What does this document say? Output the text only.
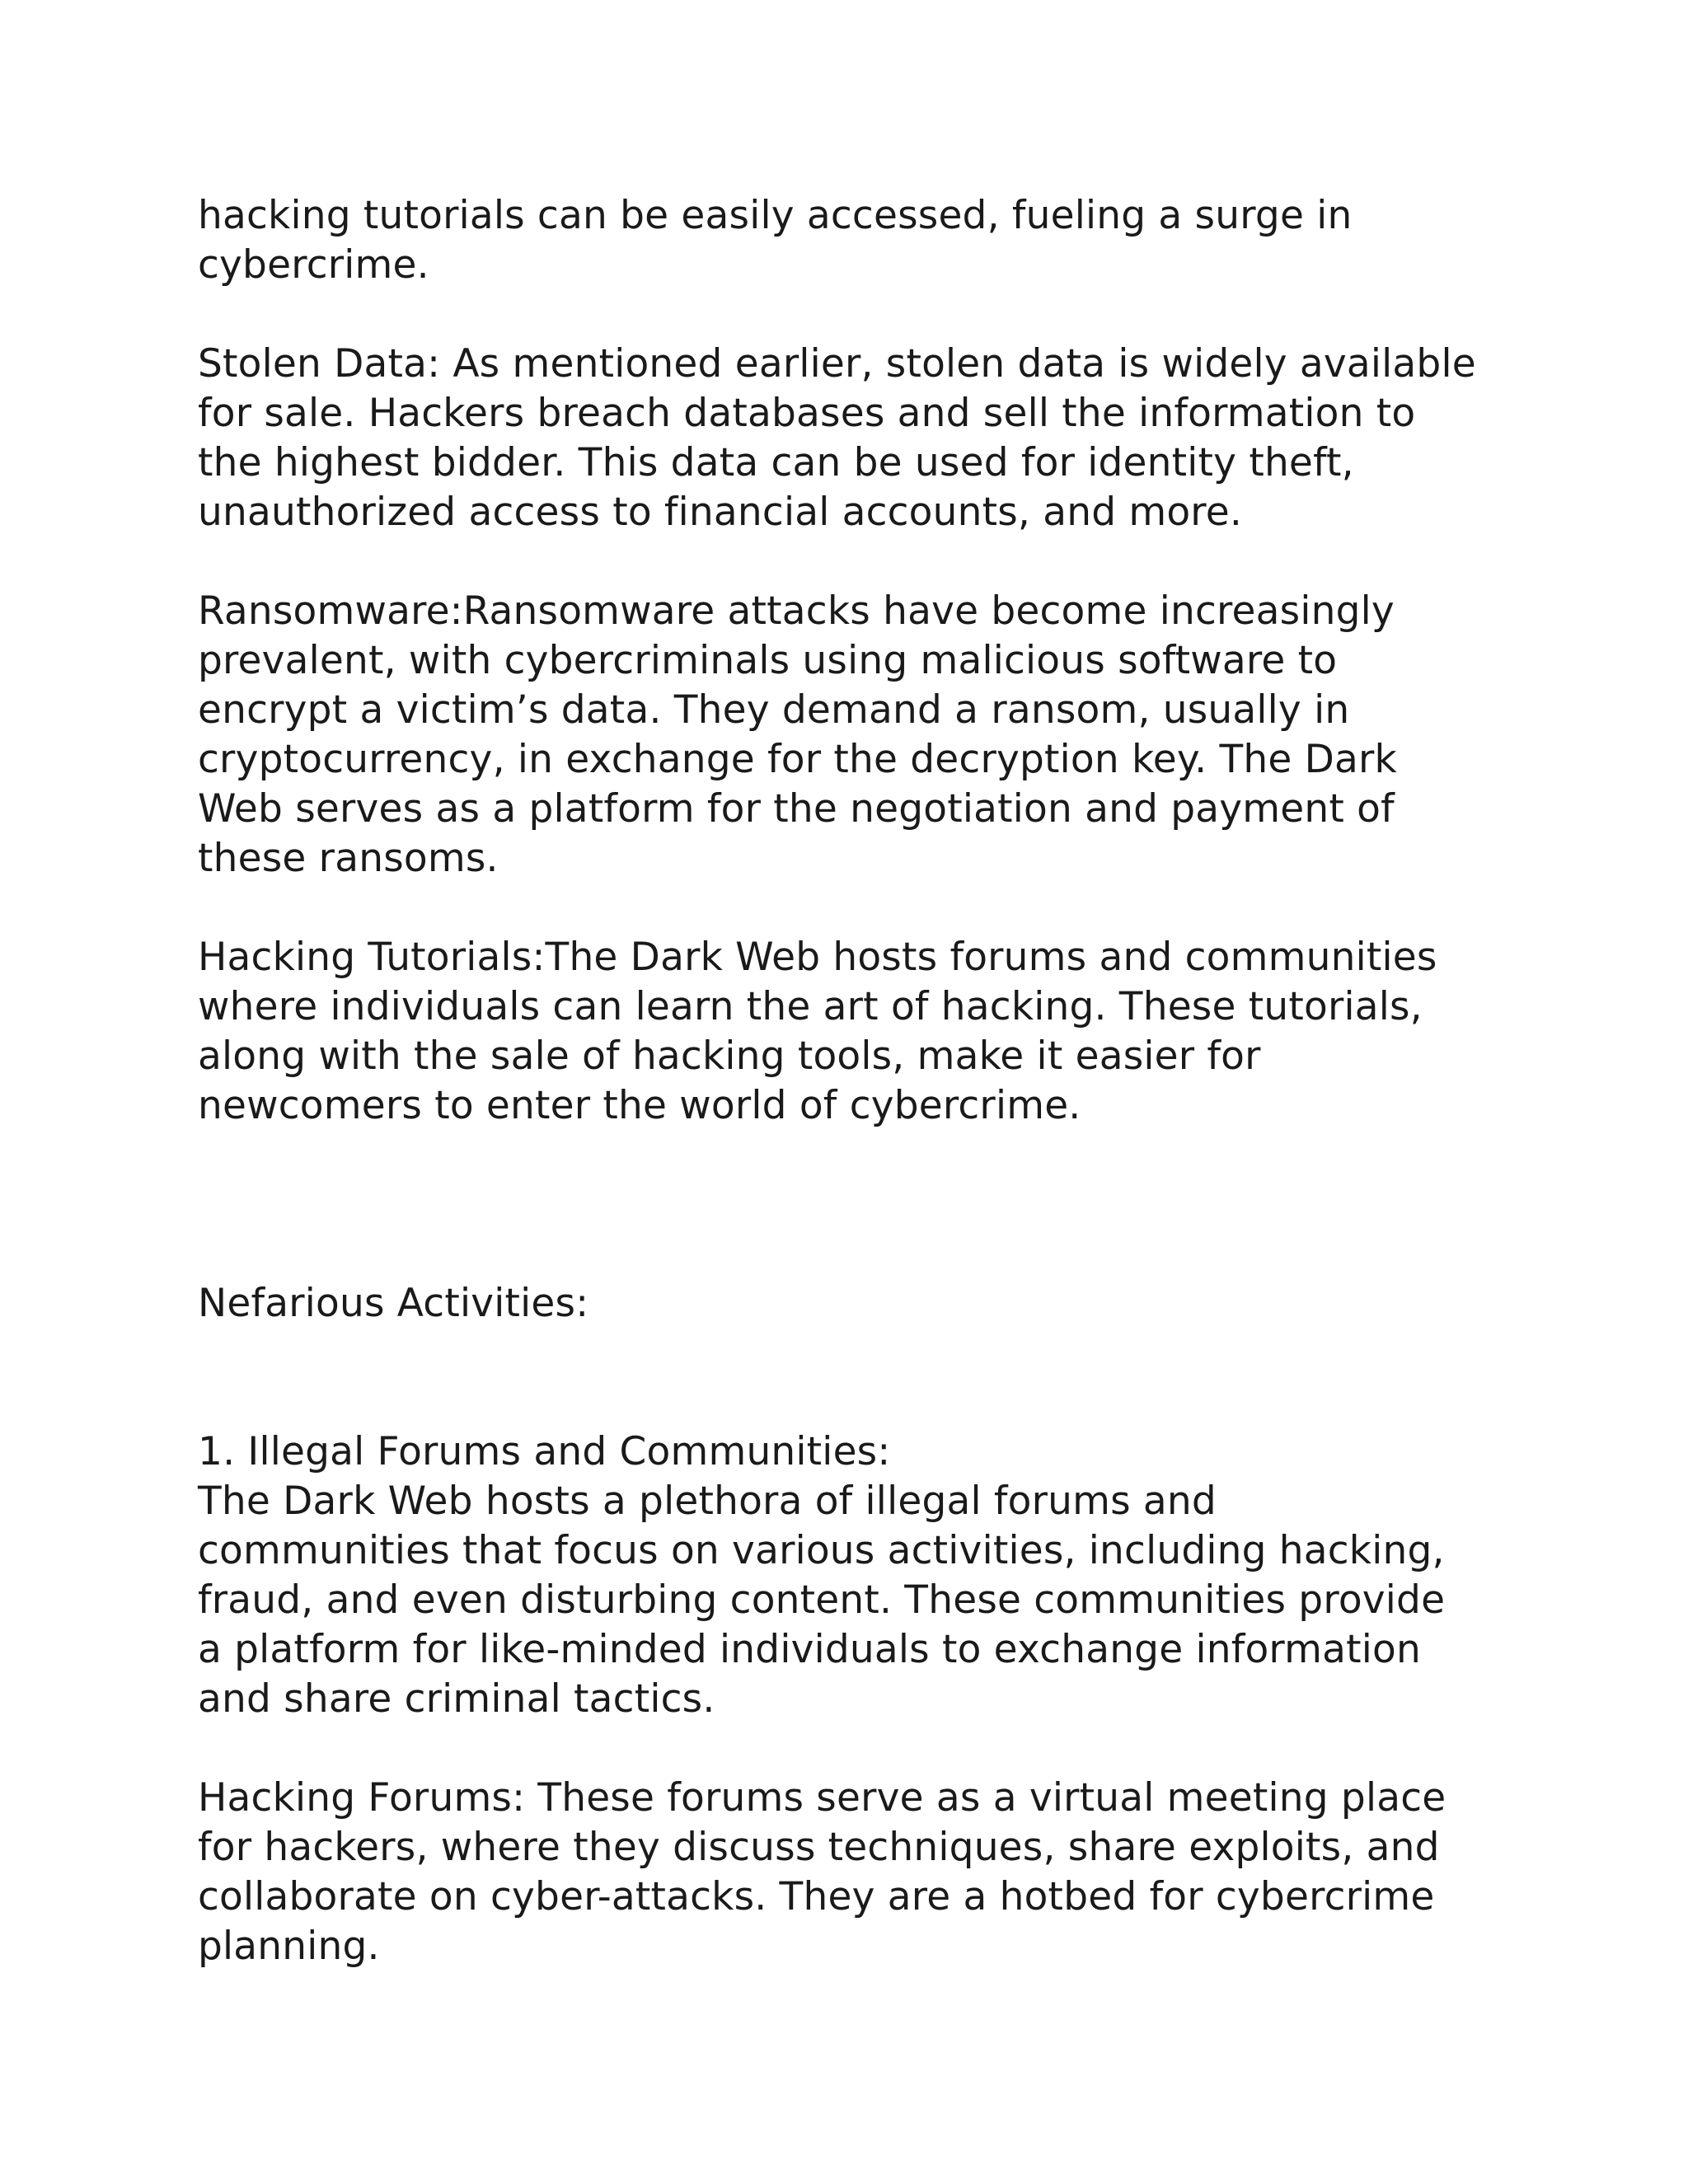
hacking tutorials can be easily accessed, fueling a surge in
cybercrime.

Stolen Data: As mentioned earlier, stolen data is widely available
for sale. Hackers breach databases and sell the information to
the highest bidder. This data can be used for identity theft,
unauthorized access to financial accounts, and more.

Ransomware:Ransomware attacks have become increasingly
prevalent, with cybercriminals using malicious software to
encrypt a victim’s data. They demand a ransom, usually in
cryptocurrency, in exchange for the decryption key. The Dark
Web serves as a platform for the negotiation and payment of
these ransoms.

Hacking Tutorials:The Dark Web hosts forums and communities
where individuals can learn the art of hacking. These tutorials,
along with the sale of hacking tools, make it easier for
newcomers to enter the world of cybercrime.

Nefarious Activities:

1. Illegal Forums and Communities:
The Dark Web hosts a plethora of illegal forums and
communities that focus on various activities, including hacking,
fraud, and even disturbing content. These communities provide
a platform for like-minded individuals to exchange information
and share criminal tactics.

Hacking Forums: These forums serve as a virtual meeting place
for hackers, where they discuss techniques, share exploits, and
collaborate on cyber-attacks. They are a hotbed for cybercrime
planning.
